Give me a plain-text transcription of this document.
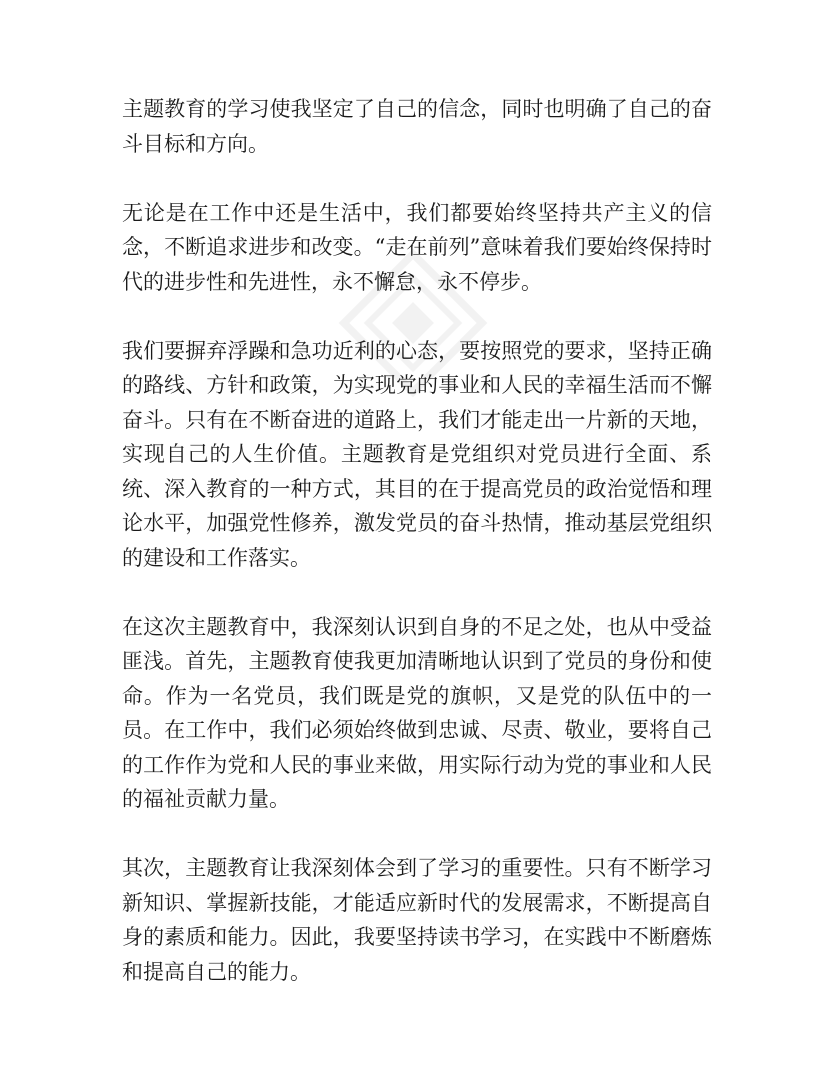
主题教育的学习使我坚定了自己的信念，同时也明确了自己的奋斗目标和方向。

无论是在工作中还是生活中，我们都要始终坚持共产主义的信念，不断追求进步和改变。“走在前列”意味着我们要始终保持时代的进步性和先进性，永不懈怠，永不停步。

我们要摒弃浮躁和急功近利的心态，要按照党的要求，坚持正确的路线、方针和政策，为实现党的事业和人民的幸福生活而不懈奋斗。只有在不断奋进的道路上，我们才能走出一片新的天地，实现自己的人生价值。主题教育是党组织对党员进行全面、系统、深入教育的一种方式，其目的在于提高党员的政治觉悟和理论水平，加强党性修养，激发党员的奋斗热情，推动基层党组织的建设和工作落实。

在这次主题教育中，我深刻认识到自身的不足之处，也从中受益匪浅。首先，主题教育使我更加清晰地认识到了党员的身份和使命。作为一名党员，我们既是党的旗帜，又是党的队伍中的一员。在工作中，我们必须始终做到忠诚、尽责、敬业，要将自己的工作作为党和人民的事业来做，用实际行动为党的事业和人民的福祉贡献力量。

其次，主题教育让我深刻体会到了学习的重要性。只有不断学习新知识、掌握新技能，才能适应新时代的发展需求，不断提高自身的素质和能力。因此，我要坚持读书学习，在实践中不断磨炼和提高自己的能力。
